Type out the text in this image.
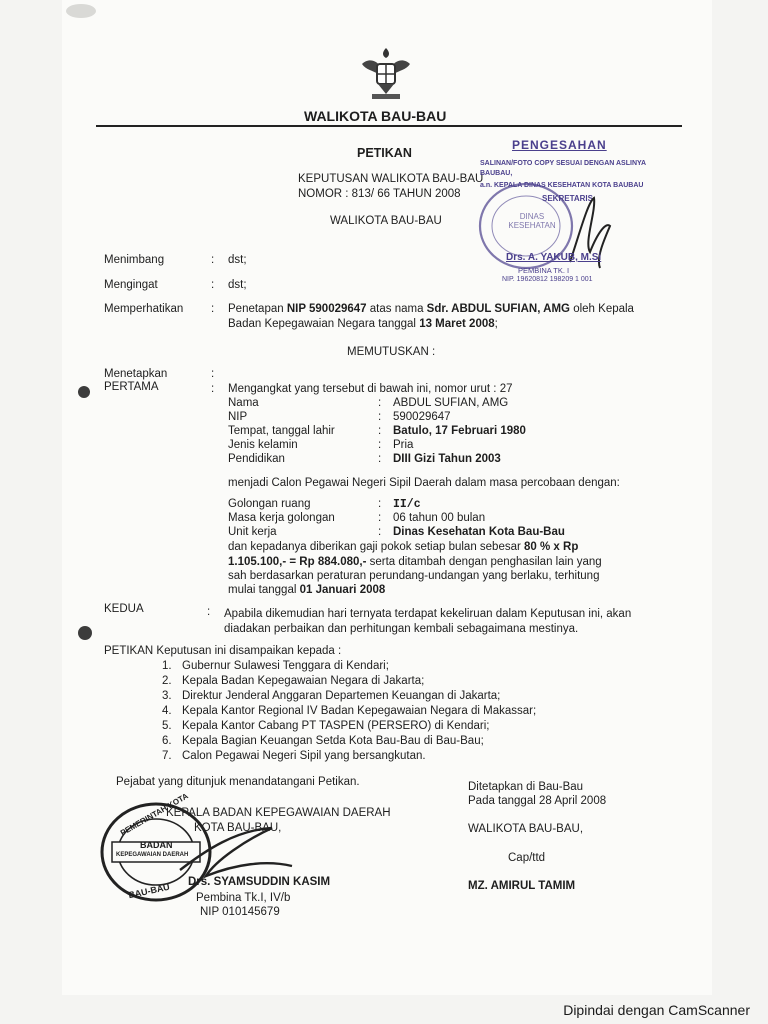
WALIKOTA BAU-BAU
PETIKAN
KEPUTUSAN WALIKOTA BAU-BAU
NOMOR : 813/ 66 TAHUN 2008
WALIKOTA BAU-BAU
PENGESAHAN
SALINAN/FOTO COPY SESUAI DENGAN ASLINYA
BAUBAU,
a.n. KEPALA DINAS KESEHATAN KOTA BAUBAU
SEKRETARIS
DINAS KESEHATAN
Drs. A. YAKUB, M.Si
PEMBINA TK. I
NIP. 19620812 198209 1 001
Menimbang	: dst;
Mengingat	: dst;
Memperhatikan : Penetapan NIP 590029647 atas nama Sdr. ABDUL SUFIAN, AMG oleh Kepala
Badan Kepegawaian Negara tanggal 13 Maret 2008;
MEMUTUSKAN :
Menetapkan	:
PERTAMA	: Mengangkat yang tersebut di bawah ini, nomor urut : 27
Nama	: ABDUL SUFIAN, AMG
NIP	: 590029647
Tempat, tanggal lahir	: Batulo, 17 Februari 1980
Jenis kelamin	: Pria
Pendidikan	: DIII Gizi Tahun 2003
menjadi Calon Pegawai Negeri Sipil Daerah dalam masa percobaan dengan:
Golongan ruang	: II/c
Masa kerja golongan	: 06 tahun 00 bulan
Unit kerja	: Dinas Kesehatan Kota Bau-Bau
dan kepadanya diberikan gaji pokok setiap bulan sebesar 80 % x Rp
1.105.100,- = Rp 884.080,- serta ditambah dengan penghasilan lain yang
sah berdasarkan peraturan perundang-undangan yang berlaku, terhitung
mulai tanggal 01 Januari 2008
KEDUA	: Apabila dikemudian hari ternyata terdapat kekeliruan dalam Keputusan ini, akan
diadakan perbaikan dan perhitungan kembali sebagaimana mestinya.
PETIKAN Keputusan ini disampaikan kepada :
1. Gubernur Sulawesi Tenggara di Kendari;
2. Kepala Badan Kepegawaian Negara di Jakarta;
3. Direktur Jenderal Anggaran Departemen Keuangan di Jakarta;
4. Kepala Kantor Regional IV Badan Kepegawaian Negara di Makassar;
5. Kepala Kantor Cabang PT TASPEN (PERSERO) di Kendari;
6. Kepala Bagian Keuangan Setda Kota Bau-Bau di Bau-Bau;
7. Calon Pegawai Negeri Sipil yang bersangkutan.
Pejabat yang ditunjuk menandatangani Petikan.
KEPALA BADAN KEPEGAWAIAN DAERAH
KOTA BAU-BAU,
PEMERINTAH KOTA
BADAN
KEPEGAWAIAN DAERAH
BAU-BAU Drs. SYAMSUDDIN KASIM
Pembina Tk.I, IV/b
NIP 010145679
Ditetapkan di Bau-Bau
Pada tanggal 28 April 2008
WALIKOTA BAU-BAU,
Cap/ttd
MZ. AMIRUL TAMIM
Dipindai dengan CamScanner
